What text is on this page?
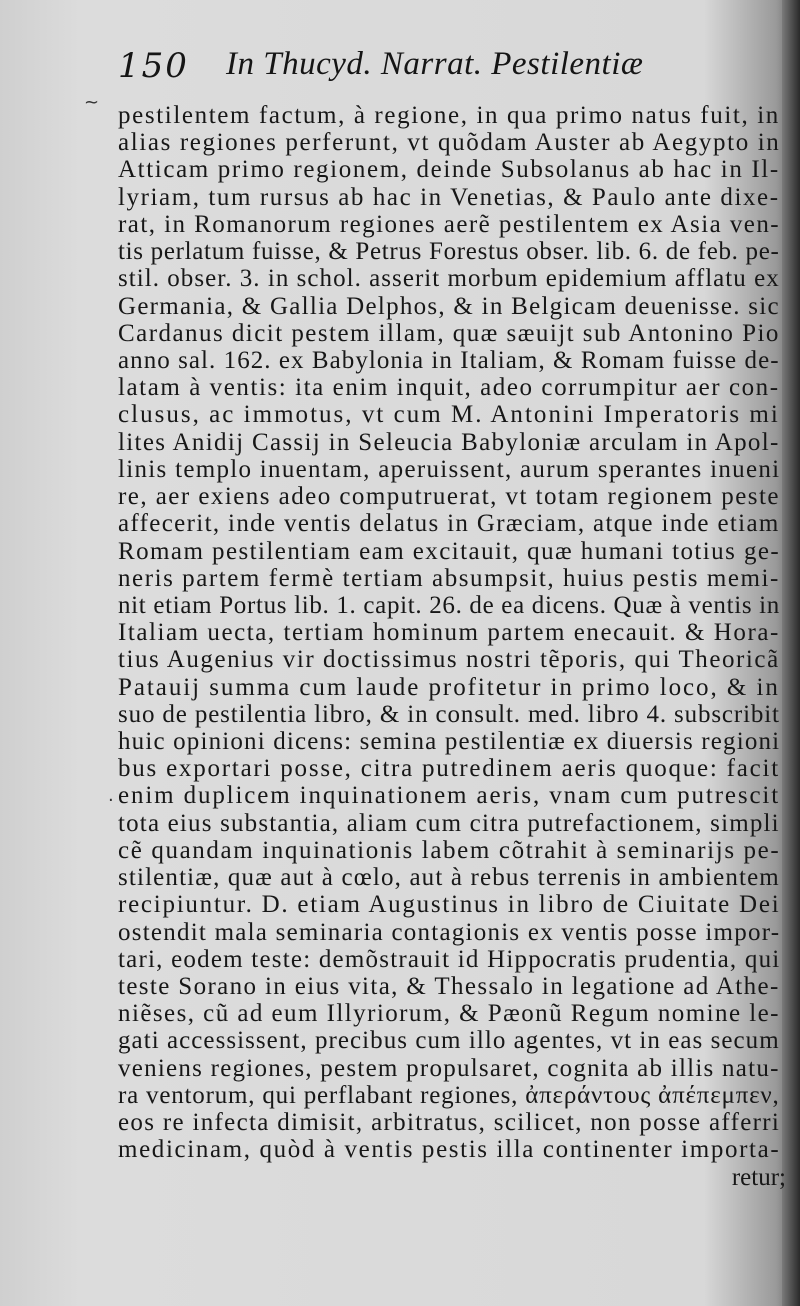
150 In Thucyd. Narrat. Pestilentiæ
~
·
pestilentem factum, à regione, in qua primo natus fuit, in
alias regiones perferunt, vt quõdam Auster ab Aegypto in
Atticam primo regionem, deinde Subsolanus ab hac in Il-
lyriam, tum rursus ab hac in Venetias, & Paulo ante dixe-
rat, in Romanorum regiones aerẽ pestilentem ex Asia ven-
tis perlatum fuisse, & Petrus Forestus obser. lib. 6. de feb. pe-
stil. obser. 3. in schol. asserit morbum epidemium afflatu ex
Germania, & Gallia Delphos, & in Belgicam deuenisse. sic
Cardanus dicit pestem illam, quæ sæuijt sub Antonino Pio
anno sal. 162. ex Babylonia in Italiam, & Romam fuisse de-
latam à ventis: ita enim inquit, adeo corrumpitur aer con-
clusus, ac immotus, vt cum M. Antonini Imperatoris mi
lites Anidij Cassij in Seleucia Babyloniæ arculam in Apol-
linis templo inuentam, aperuissent, aurum sperantes inueni
re, aer exiens adeo computruerat, vt totam regionem peste
affecerit, inde ventis delatus in Græciam, atque inde etiam
Romam pestilentiam eam excitauit, quæ humani totius ge-
neris partem fermè tertiam absumpsit, huius pestis memi-
nit etiam Portus lib. 1. capit. 26. de ea dicens. Quæ à ventis in
Italiam uecta, tertiam hominum partem enecauit. & Hora-
tius Augenius vir doctissimus nostri tẽporis, qui Theoricã
Patauij summa cum laude profitetur in primo loco, & in
suo de pestilentia libro, & in consult. med. libro 4. subscribit
huic opinioni dicens: semina pestilentiæ ex diuersis regioni
bus exportari posse, citra putredinem aeris quoque: facit
enim duplicem inquinationem aeris, vnam cum putrescit
tota eius substantia, aliam cum citra putrefactionem, simpli
cẽ quandam inquinationis labem cõtrahit à seminarijs pe-
stilentiæ, quæ aut à cœlo, aut à rebus terrenis in ambientem
recipiuntur. D. etiam Augustinus in libro de Ciuitate Dei
ostendit mala seminaria contagionis ex ventis posse impor-
tari, eodem teste: demõstrauit id Hippocratis prudentia, qui
teste Sorano in eius vita, & Thessalo in legatione ad Athe-
niẽses, cũ ad eum Illyriorum, & Pæonũ Regum nomine le-
gati accessissent, precibus cum illo agentes, vt in eas secum
veniens regiones, pestem propulsaret, cognita ab illis natu-
ra ventorum, qui perflabant regiones, ἀπεράντους ἀπέπεμπεν,
eos re infecta dimisit, arbitratus, scilicet, non posse afferri
medicinam, quòd à ventis pestis illa continenter importa-
retur;
